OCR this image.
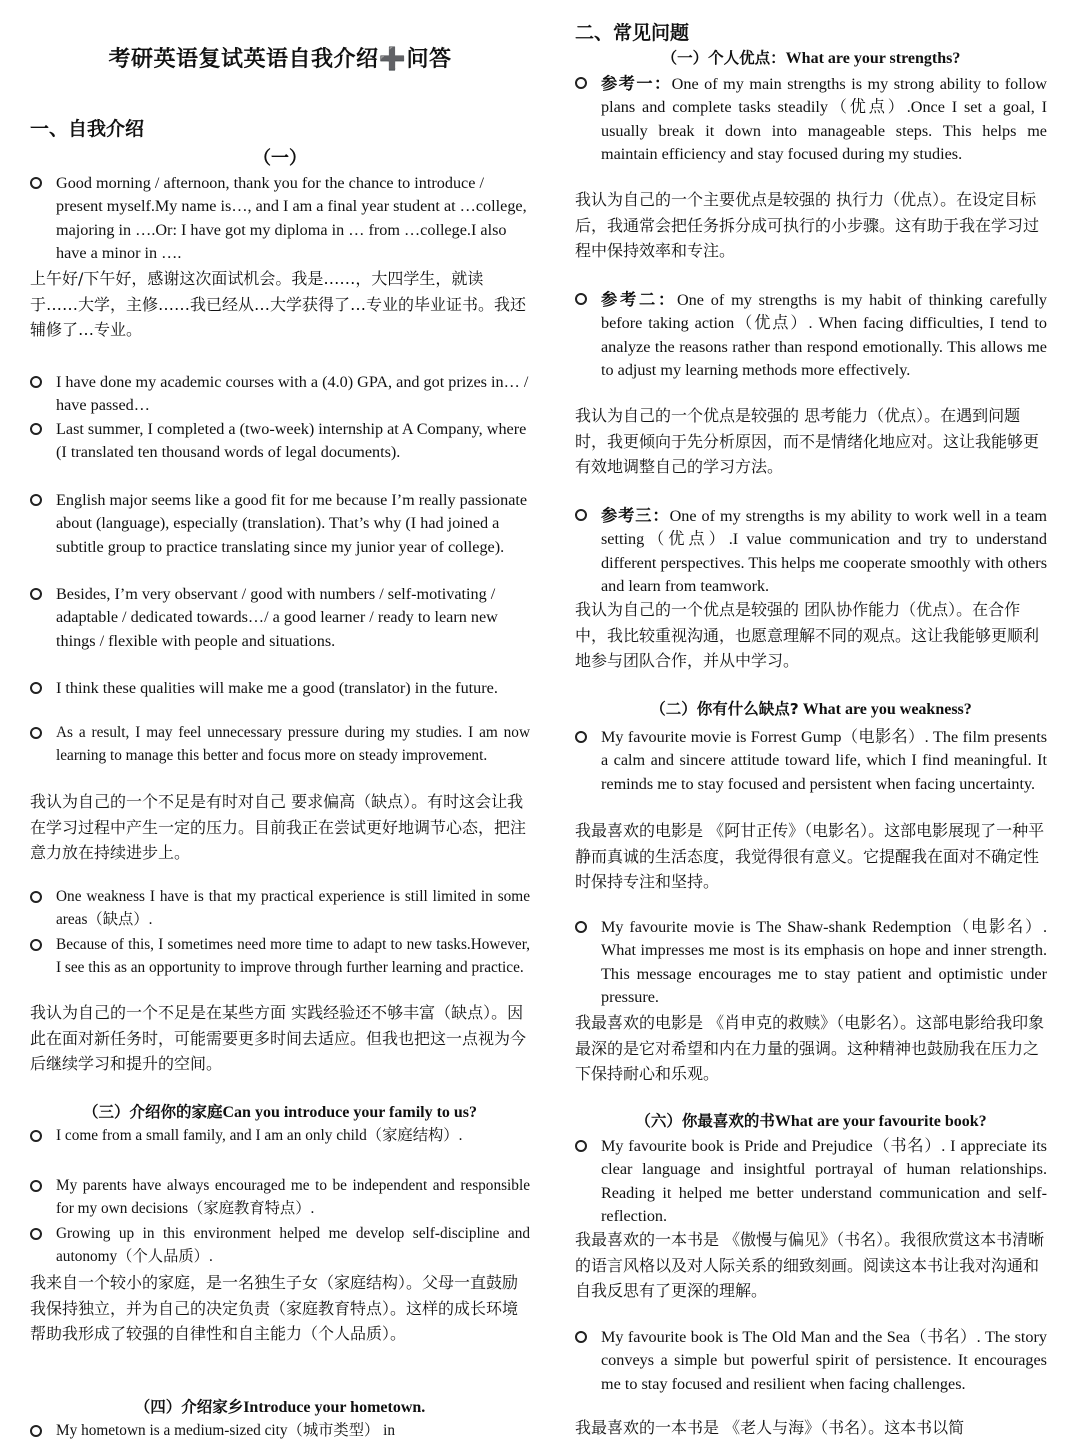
考研英语复试英语自我介绍➕问答
一、自我介绍
（一）
Good morning / afternoon, thank you for the chance to introduce / present myself.My name is…, and I am a final year student at …college, majoring in ….Or: I have got my diploma in … from …college.I also have a minor in ….
上午好/下午好，感谢这次面试机会。我是……，大四学生，就读于……大学，主修……我已经从…大学获得了…专业的毕业证书。我还辅修了…专业。
I have done my academic courses with a (4.0) GPA, and got prizes in… / have passed…
Last summer, I completed a (two-week) internship at A Company, where (I translated ten thousand words of legal documents).
English major seems like a good fit for me because I’m really passionate about (language), especially (translation). That’s why (I had joined a subtitle group to practice translating since my junior year of college).
Besides, I’m very observant / good with numbers / self-motivating / adaptable / dedicated towards…/ a good learner / ready to learn new things / flexible with people and situations.
I think these qualities will make me a good (translator) in the future.
As a result, I may feel unnecessary pressure during my studies. I am now learning to manage this better and focus more on steady improvement.
我认为自己的一个不足是有时对自己 要求偏高（缺点）。有时这会让我在学习过程中产生一定的压力。目前我正在尝试更好地调节心态，把注意力放在持续进步上。
One weakness I have is that my practical experience is still limited in some areas（缺点）.
Because of this, I sometimes need more time to adapt to new tasks.However, I see this as an opportunity to improve through further learning and practice.
我认为自己的一个不足是在某些方面 实践经验还不够丰富（缺点）。因此在面对新任务时，可能需要更多时间去适应。但我也把这一点视为今后继续学习和提升的空间。
（三）介绍你的家庭Can you introduce your family to us?
I come from a small family, and I am an only child（家庭结构）.
My parents have always encouraged me to be independent and responsible for my own decisions（家庭教育特点）.
Growing up in this environment helped me develop self-discipline and autonomy（个人品质）.
我来自一个较小的家庭，是一名独生子女（家庭结构）。父母一直鼓励我保持独立，并为自己的决定负责（家庭教育特点）。这样的成长环境帮助我形成了较强的自律性和自主能力（个人品质）。
（四）介绍家乡Introduce your hometown.
My hometown is a medium-sized city（城市类型） in
二、常见问题
（一）个人优点：What are your strengths?
参考一：One of my main strengths is my strong ability to follow plans and complete tasks steadily（优点）.Once I set a goal, I usually break it down into manageable steps. This helps me maintain efficiency and stay focused during my studies.
我认为自己的一个主要优点是较强的 执行力（优点）。在设定目标后，我通常会把任务拆分成可执行的小步骤。这有助于我在学习过程中保持效率和专注。
参考二：One of my strengths is my habit of thinking carefully before taking action（优点）. When facing difficulties, I tend to analyze the reasons rather than respond emotionally. This allows me to adjust my learning methods more effectively.
我认为自己的一个优点是较强的 思考能力（优点）。在遇到问题时，我更倾向于先分析原因，而不是情绪化地应对。这让我能够更有效地调整自己的学习方法。
参考三：One of my strengths is my ability to work well in a team setting（优点）.I value communication and try to understand different perspectives. This helps me cooperate smoothly with others and learn from teamwork.
我认为自己的一个优点是较强的 团队协作能力（优点）。在合作中，我比较重视沟通，也愿意理解不同的观点。这让我能够更顺利地参与团队合作，并从中学习。
（二）你有什么缺点? What are you weakness?
My favourite movie is Forrest Gump（电影名）. The film presents a calm and sincere attitude toward life, which I find meaningful. It reminds me to stay focused and persistent when facing uncertainty.
我最喜欢的电影是 《阿甘正传》（电影名）。这部电影展现了一种平静而真诚的生活态度，我觉得很有意义。它提醒我在面对不确定性时保持专注和坚持。
My favourite movie is The Shaw-shank Redemption（电影名）. What impresses me most is its emphasis on hope and inner strength. This message encourages me to stay patient and optimistic under pressure.
我最喜欢的电影是 《肖申克的救赎》（电影名）。这部电影给我印象最深的是它对希望和内在力量的强调。这种精神也鼓励我在压力之下保持耐心和乐观。
（六）你最喜欢的书What are your favourite book?
My favourite book is Pride and Prejudice（书名）. I appreciate its clear language and insightful portrayal of human relationships. Reading it helped me better understand communication and self-reflection.
我最喜欢的一本书是 《傲慢与偏见》（书名）。我很欣赏这本书清晰的语言风格以及对人际关系的细致刻画。阅读这本书让我对沟通和自我反思有了更深的理解。
My favourite book is The Old Man and the Sea（书名）. The story conveys a simple but powerful spirit of persistence. It encourages me to stay focused and resilient when facing challenges.
我最喜欢的一本书是 《老人与海》（书名）。这本书以简
